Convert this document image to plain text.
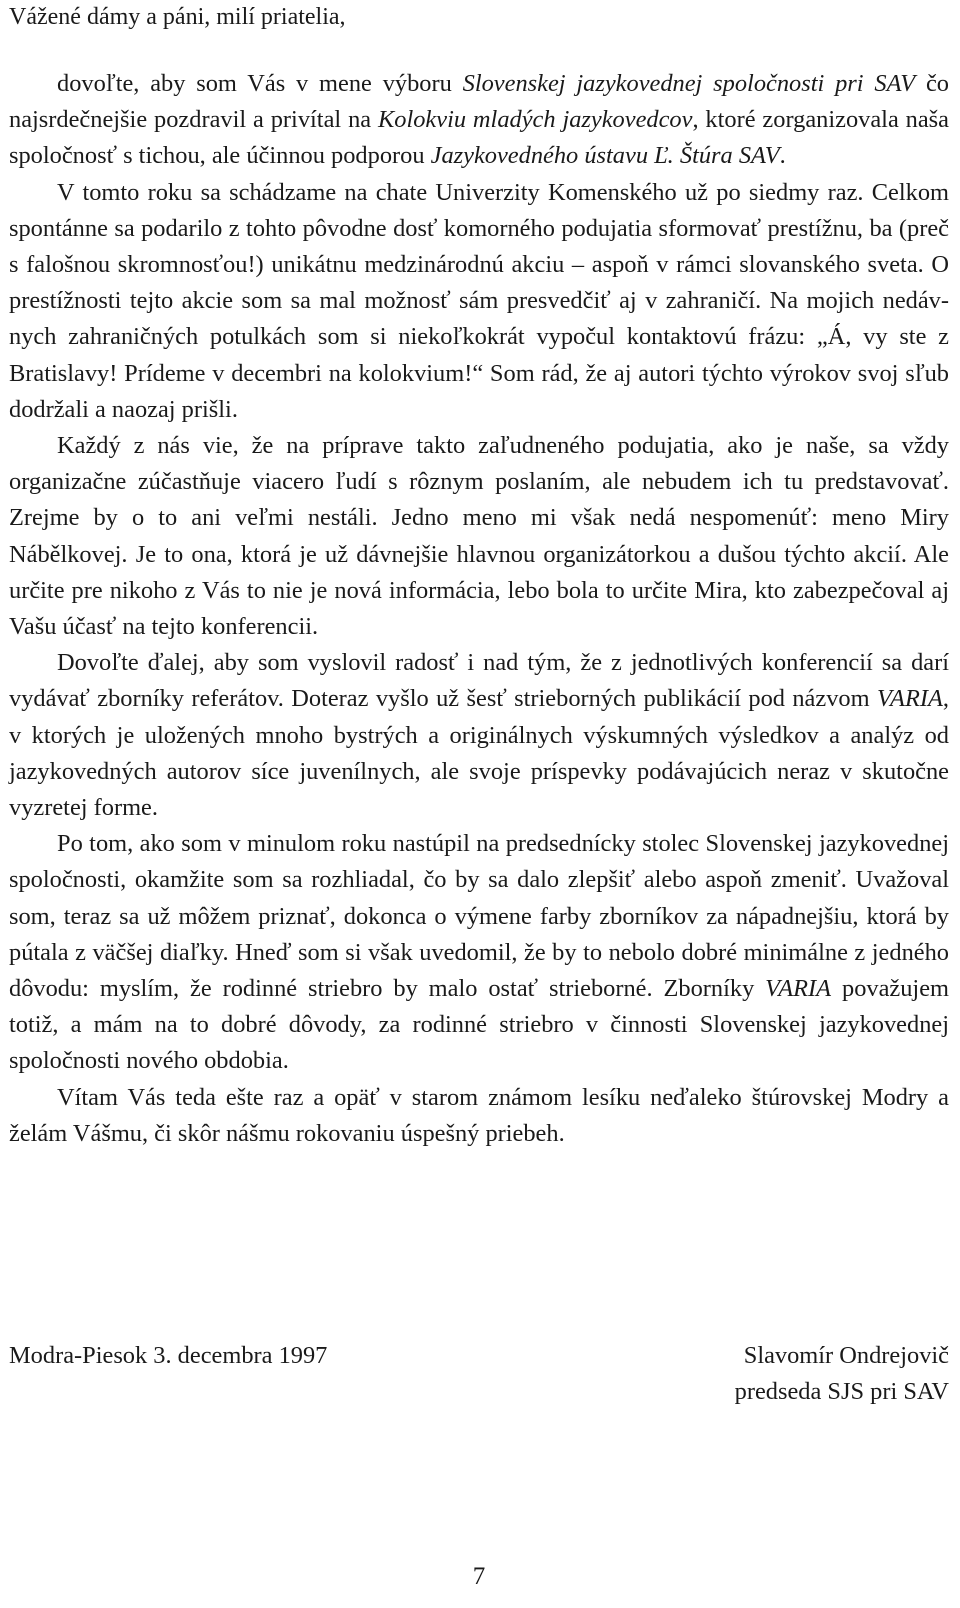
Vážené dámy a páni, milí priatelia,

dovoľte, aby som Vás v mene výboru Slovenskej jazykovednej spoločnosti pri SAV čo najsrdečnejšie pozdravil a privítal na Kolokviu mladých jazykovedcov, ktoré zorganizovala naša spoločnosť s tichou, ale účinnou podporou Jazykovedného ústavu Ľ. Štúra SAV.

V tomto roku sa schádzame na chate Univerzity Komenského už po siedmy raz. Celkom spontánne sa podarilo z tohto pôvodne dosť komorného podujatia sformovať prestížnu, ba (preč s falošnou skromnosťou!) unikátnu medzinárodnú akciu – aspoň v rámci slovanského sveta. O prestížnosti tejto akcie som sa mal možnosť sám presvedčiť aj v zahraničí. Na mojich nedávnych zahraničných potulkách som si niekoľkokrát vypočul kontaktovú frázu: „Á, vy ste z Bratislavy! Prídeme v decembri na kolokvium!“ Som rád, že aj autori týchto výrokov svoj sľub dodržali a naozaj prišli.

Každý z nás vie, že na príprave takto zaľudneného podujatia, ako je naše, sa vždy organizačne zúčastňuje viacero ľudí s rôznym poslaním, ale nebudem ich tu predstavovať. Zrejme by o to ani veľmi nestáli. Jedno meno mi však nedá nespomenúť: meno Miry Nábělkovej. Je to ona, ktorá je už dávnejšie hlavnou organizátorkou a dušou týchto akcií. Ale určite pre nikoho z Vás to nie je nová informácia, lebo bola to určite Mira, kto zabezpečoval aj Vašu účasť na tejto konferencii.

Dovoľte ďalej, aby som vyslovil radosť i nad tým, že z jednotlivých konferencií sa darí vydávať zborníky referátov. Doteraz vyšlo už šesť strieborných publikácií pod názvom VARIA, v ktorých je uložených mnoho bystrých a originálnych výskumných výsledkov a analýz od jazykovedných autorov síce juvenílnych, ale svoje príspevky podávajúcich neraz v skutočne vyzretej forme.

Po tom, ako som v minulom roku nastúpil na predsednícky stolec Slovenskej jazykovednej spoločnosti, okamžite som sa rozhliadal, čo by sa dalo zlepšiť alebo aspoň zmeniť. Uvažoval som, teraz sa už môžem priznať, dokonca o výmene farby zborníkov za nápadnejšiu, ktorá by pútala z väčšej diaľky. Hneď som si však uvedomil, že by to nebolo dobré minimálne z jedného dôvodu: myslím, že rodinné striebro by malo ostať strieborné. Zborníky VARIA považujem totiž, a mám na to dobré dôvody, za rodinné striebro v činnosti Slovenskej jazykovednej spoločnosti nového obdobia.

Vítam Vás teda ešte raz a opäť v starom známom lesíku neďaleko štúrovskej Modry a želám Vášmu, či skôr nášmu rokovaniu úspešný priebeh.

Modra-Piesok 3. decembra 1997	Slavomír Ondrejovič
predseda SJS pri SAV
7
